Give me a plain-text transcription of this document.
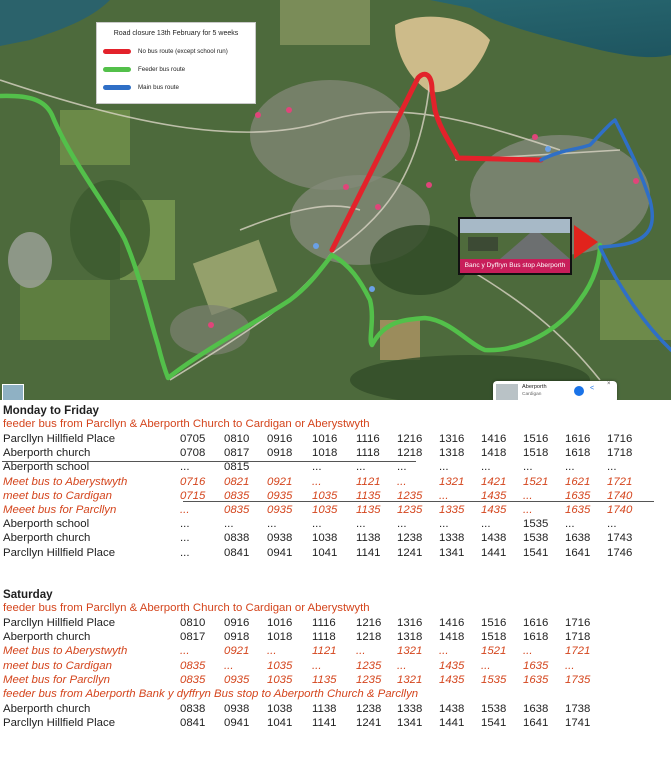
Road closure 13th February for 5 weeks
No bus route (except school run)
Feeder bus route
Main bus route
Banc y Dyffryn Bus stop Aberporth
Aberporth
Cardigan
<
×
Monday to Friday
feeder bus from Parcllyn & Aberporth Church to Cardigan or Aberystwyth
Parcllyn Hillfield Place	0705 0810 0916 1016 1116 1216 1316 1416 1516 1616 1716
Aberporth church	0708 0817 0918 1018 1118 1218 1318 1418 1518 1618 1718
Aberporth school	...	0815	...	...	...	...	...	...	...	...
Meet bus to Aberystwyth	0716 0821 0921 ...	1121 ...	1321 1421 1521 1621 1721
meet bus to Cardigan	0715 0835 0935 1035 1135 1235 ...	1435 ...	1635 1740
Meeet bus for Parcllyn	...	0835 0935 1035 1135 1235 1335 1435 ...	1635 1740
Aberporth school	...	...	...	...	...	...	...	...	1535 ...	...
Aberporth church	...	0838 0938 1038 1138 1238 1338 1438 1538 1638 1743
Parcllyn Hillfield Place	...	0841 0941 1041 1141 1241 1341 1441 1541 1641 1746
Saturday
feeder bus from Parcllyn & Aberporth Church to Cardigan or Aberystwyth
Parcllyn Hillfield Place	0810 0916 1016 1116 1216 1316 1416 1516 1616 1716
Aberporth church	0817 0918 1018 1118 1218 1318 1418 1518 1618 1718
Meet bus to Aberystwyth	...	0921 ...	1121 ...	1321 ...	1521 ...	1721
meet bus to Cardigan	0835 ...	1035 ...	1235 ...	1435 ...	1635 ...
Meet bus for Parcllyn	0835 0935 1035 1135 1235 1321 1435 1535 1635 1735
feeder bus from Aberporth Bank y dyffryn Bus stop to Aberporth Church & Parcllyn
Aberporth church	0838 0938 1038 1138 1238 1338 1438 1538 1638 1738
Parcllyn Hillfield Place	0841 0941 1041 1141 1241 1341 1441 1541 1641 1741
